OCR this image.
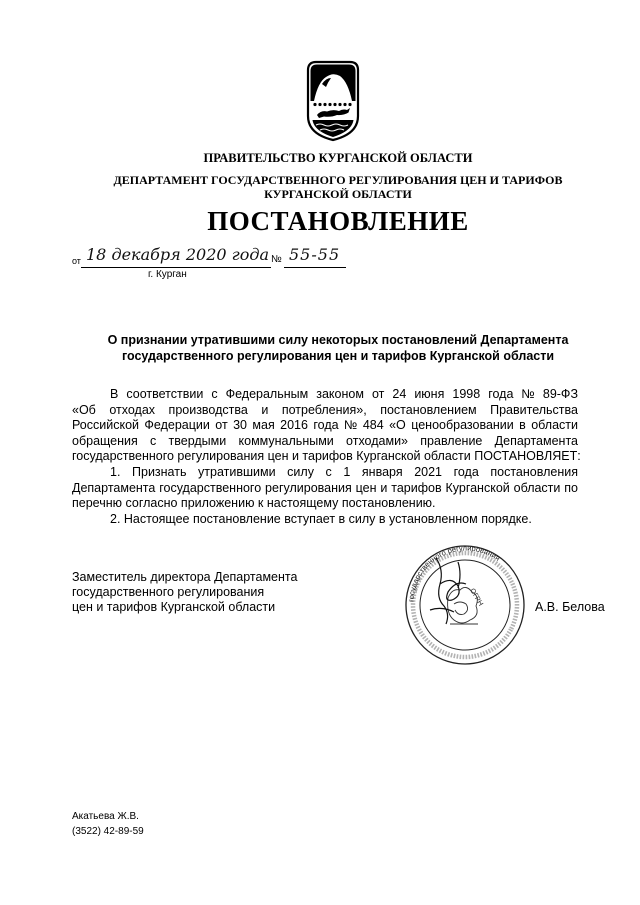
ПРАВИТЕЛЬСТВО КУРГАНСКОЙ ОБЛАСТИ
ДЕПАРТАМЕНТ ГОСУДАРСТВЕННОГО РЕГУЛИРОВАНИЯ ЦЕН И ТАРИФОВ
КУРГАНСКОЙ ОБЛАСТИ
ПОСТАНОВЛЕНИЕ
от 18 декабря 2020 года № 55-55
г. Курган
О признании утратившими силу некоторых постановлений Департамента
государственного регулирования цен и тарифов Курганской области
В соответствии с Федеральным законом от 24 июня 1998 года № 89-ФЗ
«Об отходах производства и потребления», постановлением Правительства
Российской Федерации от 30 мая 2016 года № 484 «О ценообразовании в области
обращения с твердыми коммунальными отходами» правление Департамента
государственного регулирования цен и тарифов Курганской области ПОСТАНОВЛЯЕТ:
1. Признать утратившими силу с 1 января 2021 года постановления
Департамента государственного регулирования цен и тарифов Курганской области по
перечню согласно приложению к настоящему постановлению.
2. Настоящее постановление вступает в силу в установленном порядке.
Заместитель директора Департамента
государственного регулирования
цен и тарифов Курганской области	А.В. Белова
государственного регулирования
ОГРН
Акатьева Ж.В.
(3522) 42-89-59
